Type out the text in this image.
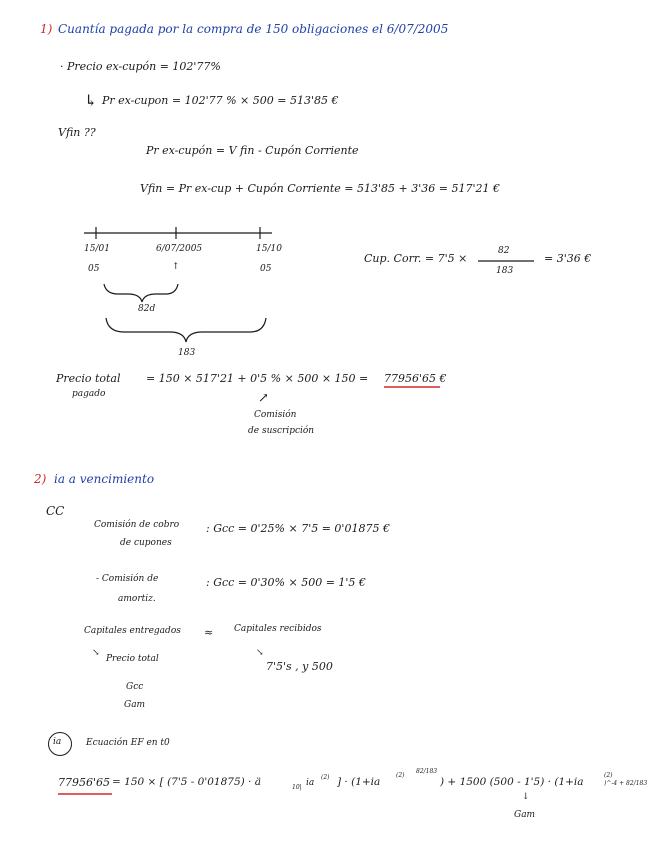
1) Cuantía pagada por la compra de 150 obligaciones el 6/07/2005
· Precio ex-cupón = 102'77%
↳ Pr ex-cupon = 102'77 % × 500 = 513'85 €
Vfin ??
Pr ex-cupón = V fin - Cupón Corriente
Vfin = Pr ex-cup + Cupón Corriente = 513'85 + 3'36 = 517'21 €
15/01
05
6/07/2005
↑
15/10
05
82d
183
Cup. Corr. = 7'5 ×
82
183
= 3'36 €
Precio total
pagado
= 150 × 517'21 + 0'5 % × 500 × 150 = 77956'65 €
↗
Comisión
de suscripción
2) ia a vencimiento
CC
Comisión de cobro
de cupones
: Gcc = 0'25% × 7'5 = 0'01875 €
- Comisión de
amortiz.
: Gcc = 0'30% × 500 = 1'5 €
Capitales entregados ≈ Capitales recibidos
↘
Precio total
Gcc
Gam
↘
7'5's , y 500
ia	Ecuación EF en t0
77956'65 = 150 × [ (7'5 - 0'01875) · ä	10| ia
(2) ] · (1+ia
(2)
82/183
) + 1500 (500 - 1'5) · (1+ia
(2)
)^-4 + 82/183
↓
Gam
